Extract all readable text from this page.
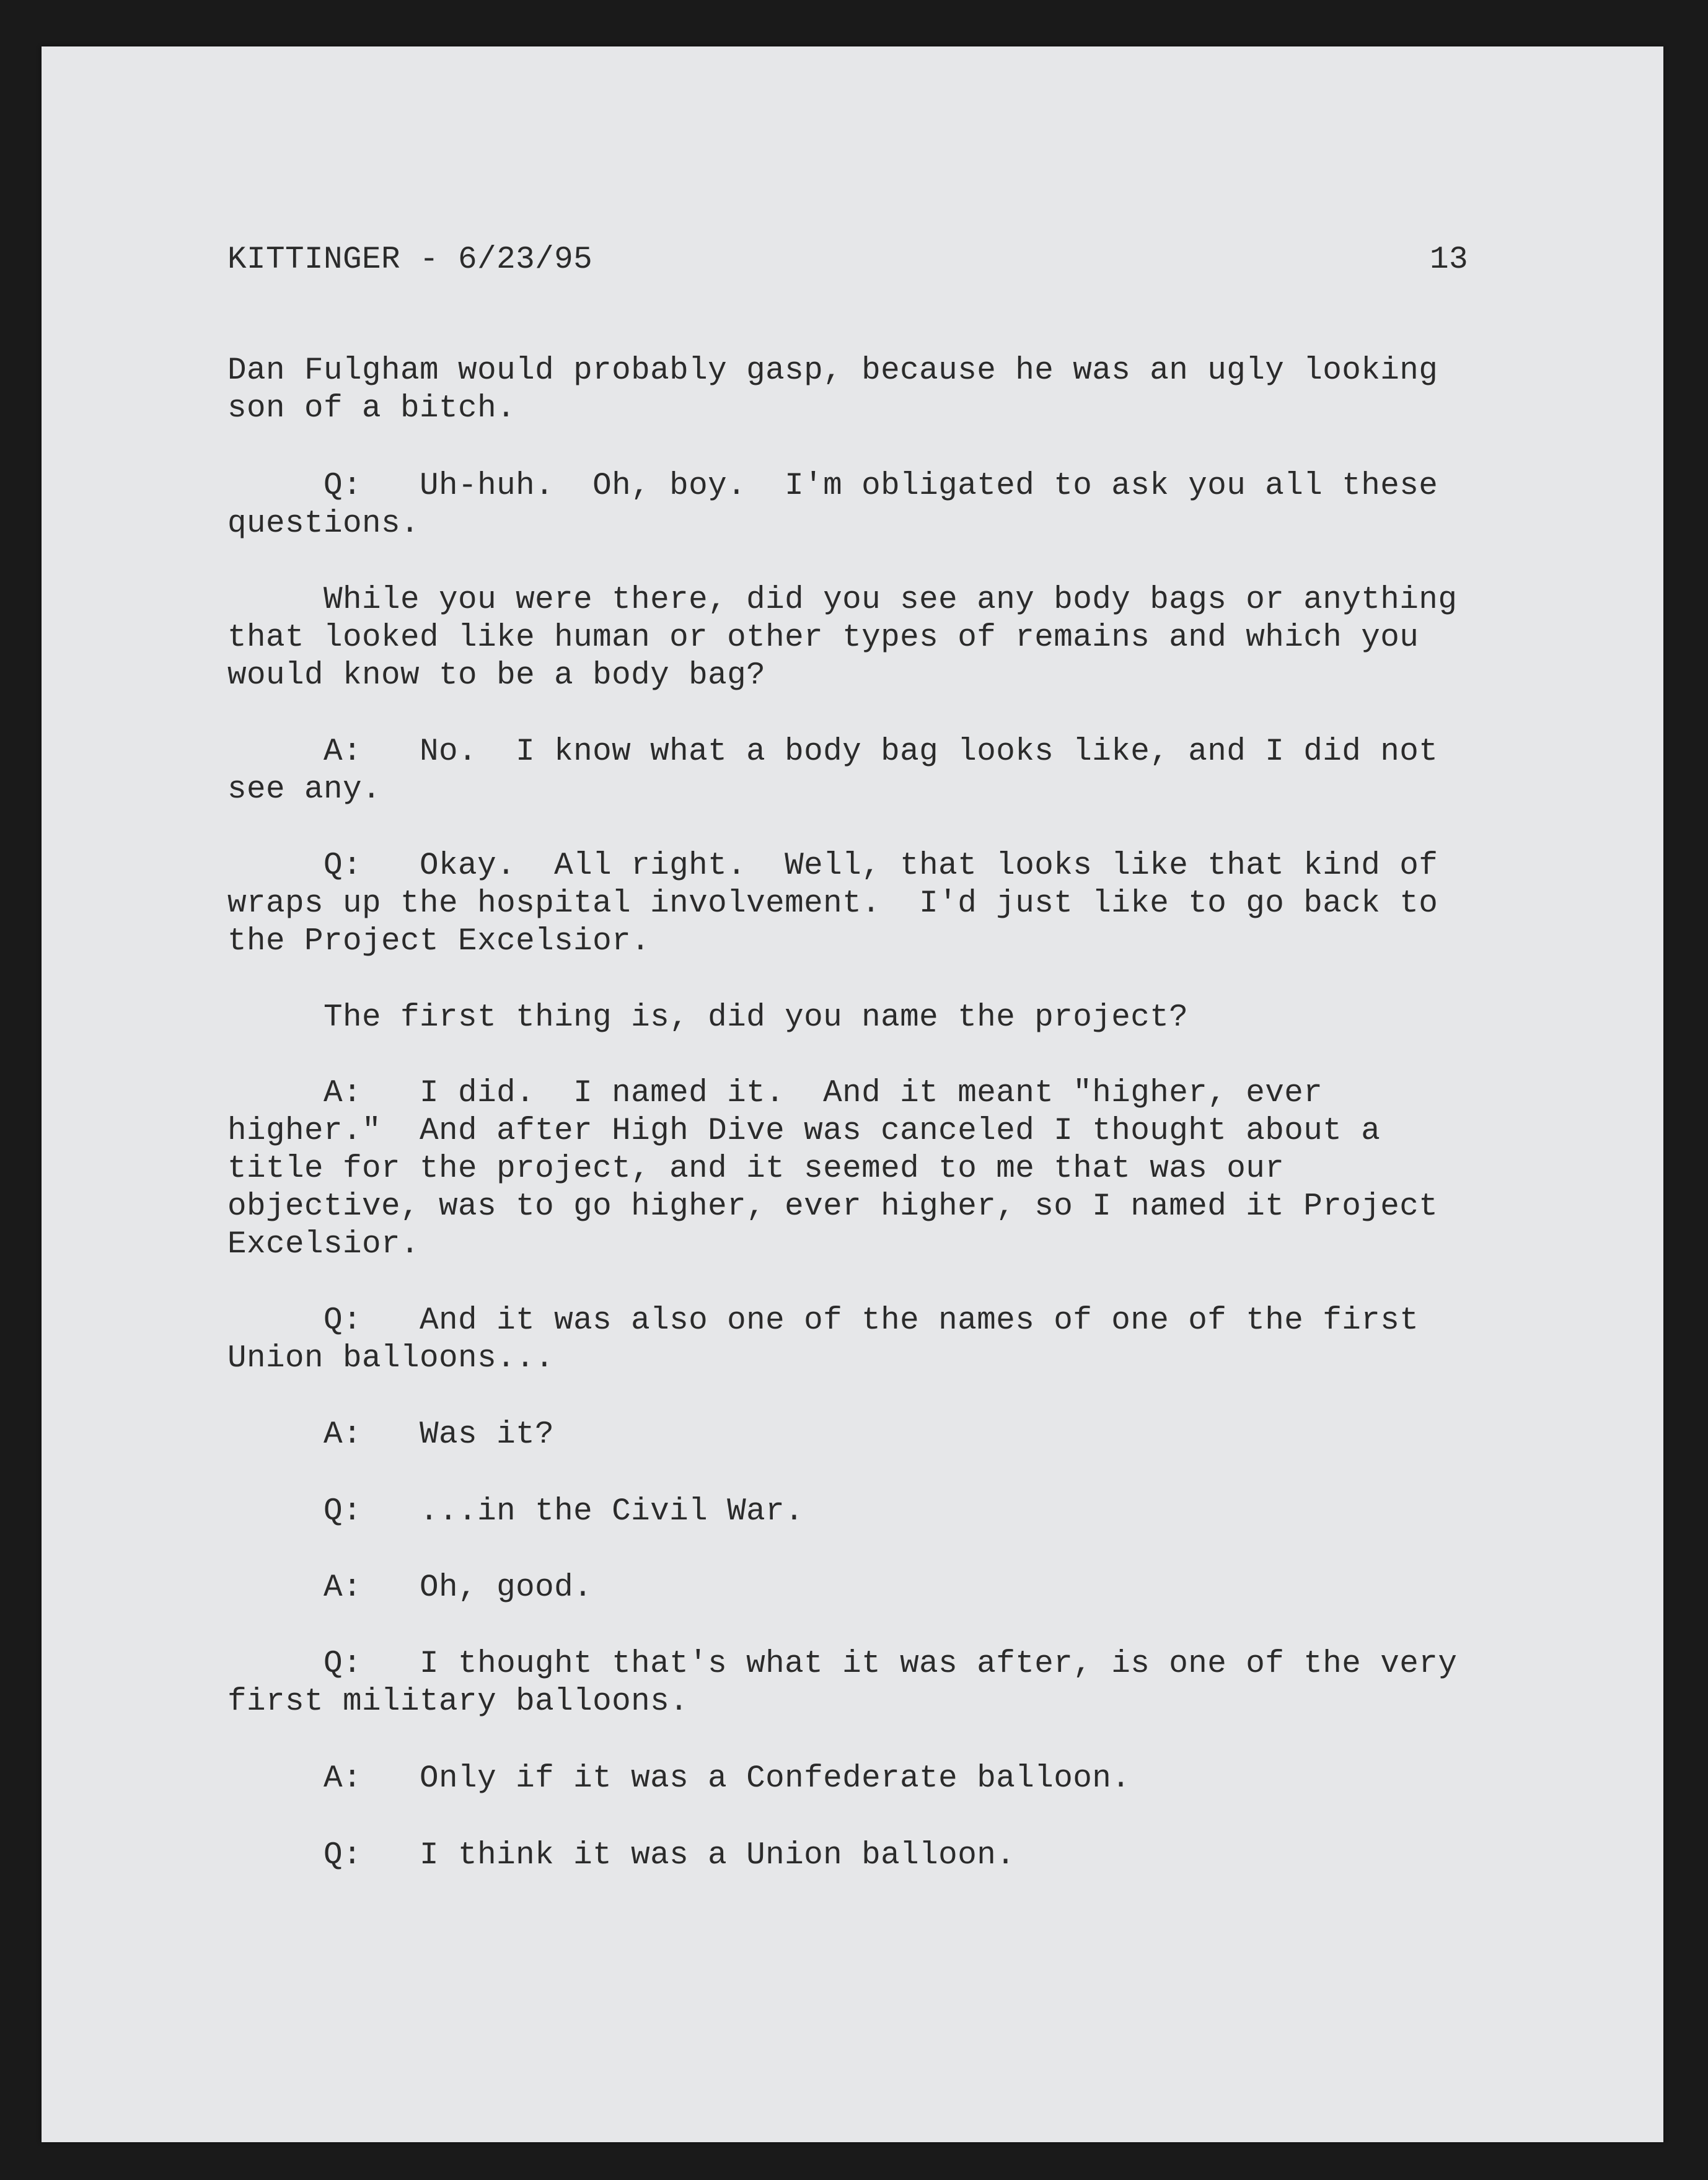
KITTINGER - 6/23/95	13
Dan Fulgham would probably gasp, because he was an ugly looking
son of a bitch.
Q:   Uh-huh.  Oh, boy.  I'm obligated to ask you all these
questions.
While you were there, did you see any body bags or anything
that looked like human or other types of remains and which you
would know to be a body bag?
A:   No.  I know what a body bag looks like, and I did not
see any.
Q:   Okay.  All right.  Well, that looks like that kind of
wraps up the hospital involvement.  I'd just like to go back to
the Project Excelsior.
The first thing is, did you name the project?
A:   I did.  I named it.  And it meant "higher, ever
higher."  And after High Dive was canceled I thought about a
title for the project, and it seemed to me that was our
objective, was to go higher, ever higher, so I named it Project
Excelsior.
Q:   And it was also one of the names of one of the first
Union balloons...
A:   Was it?
Q:   ...in the Civil War.
A:   Oh, good.
Q:   I thought that's what it was after, is one of the very
first military balloons.
A:   Only if it was a Confederate balloon.
Q:   I think it was a Union balloon.
